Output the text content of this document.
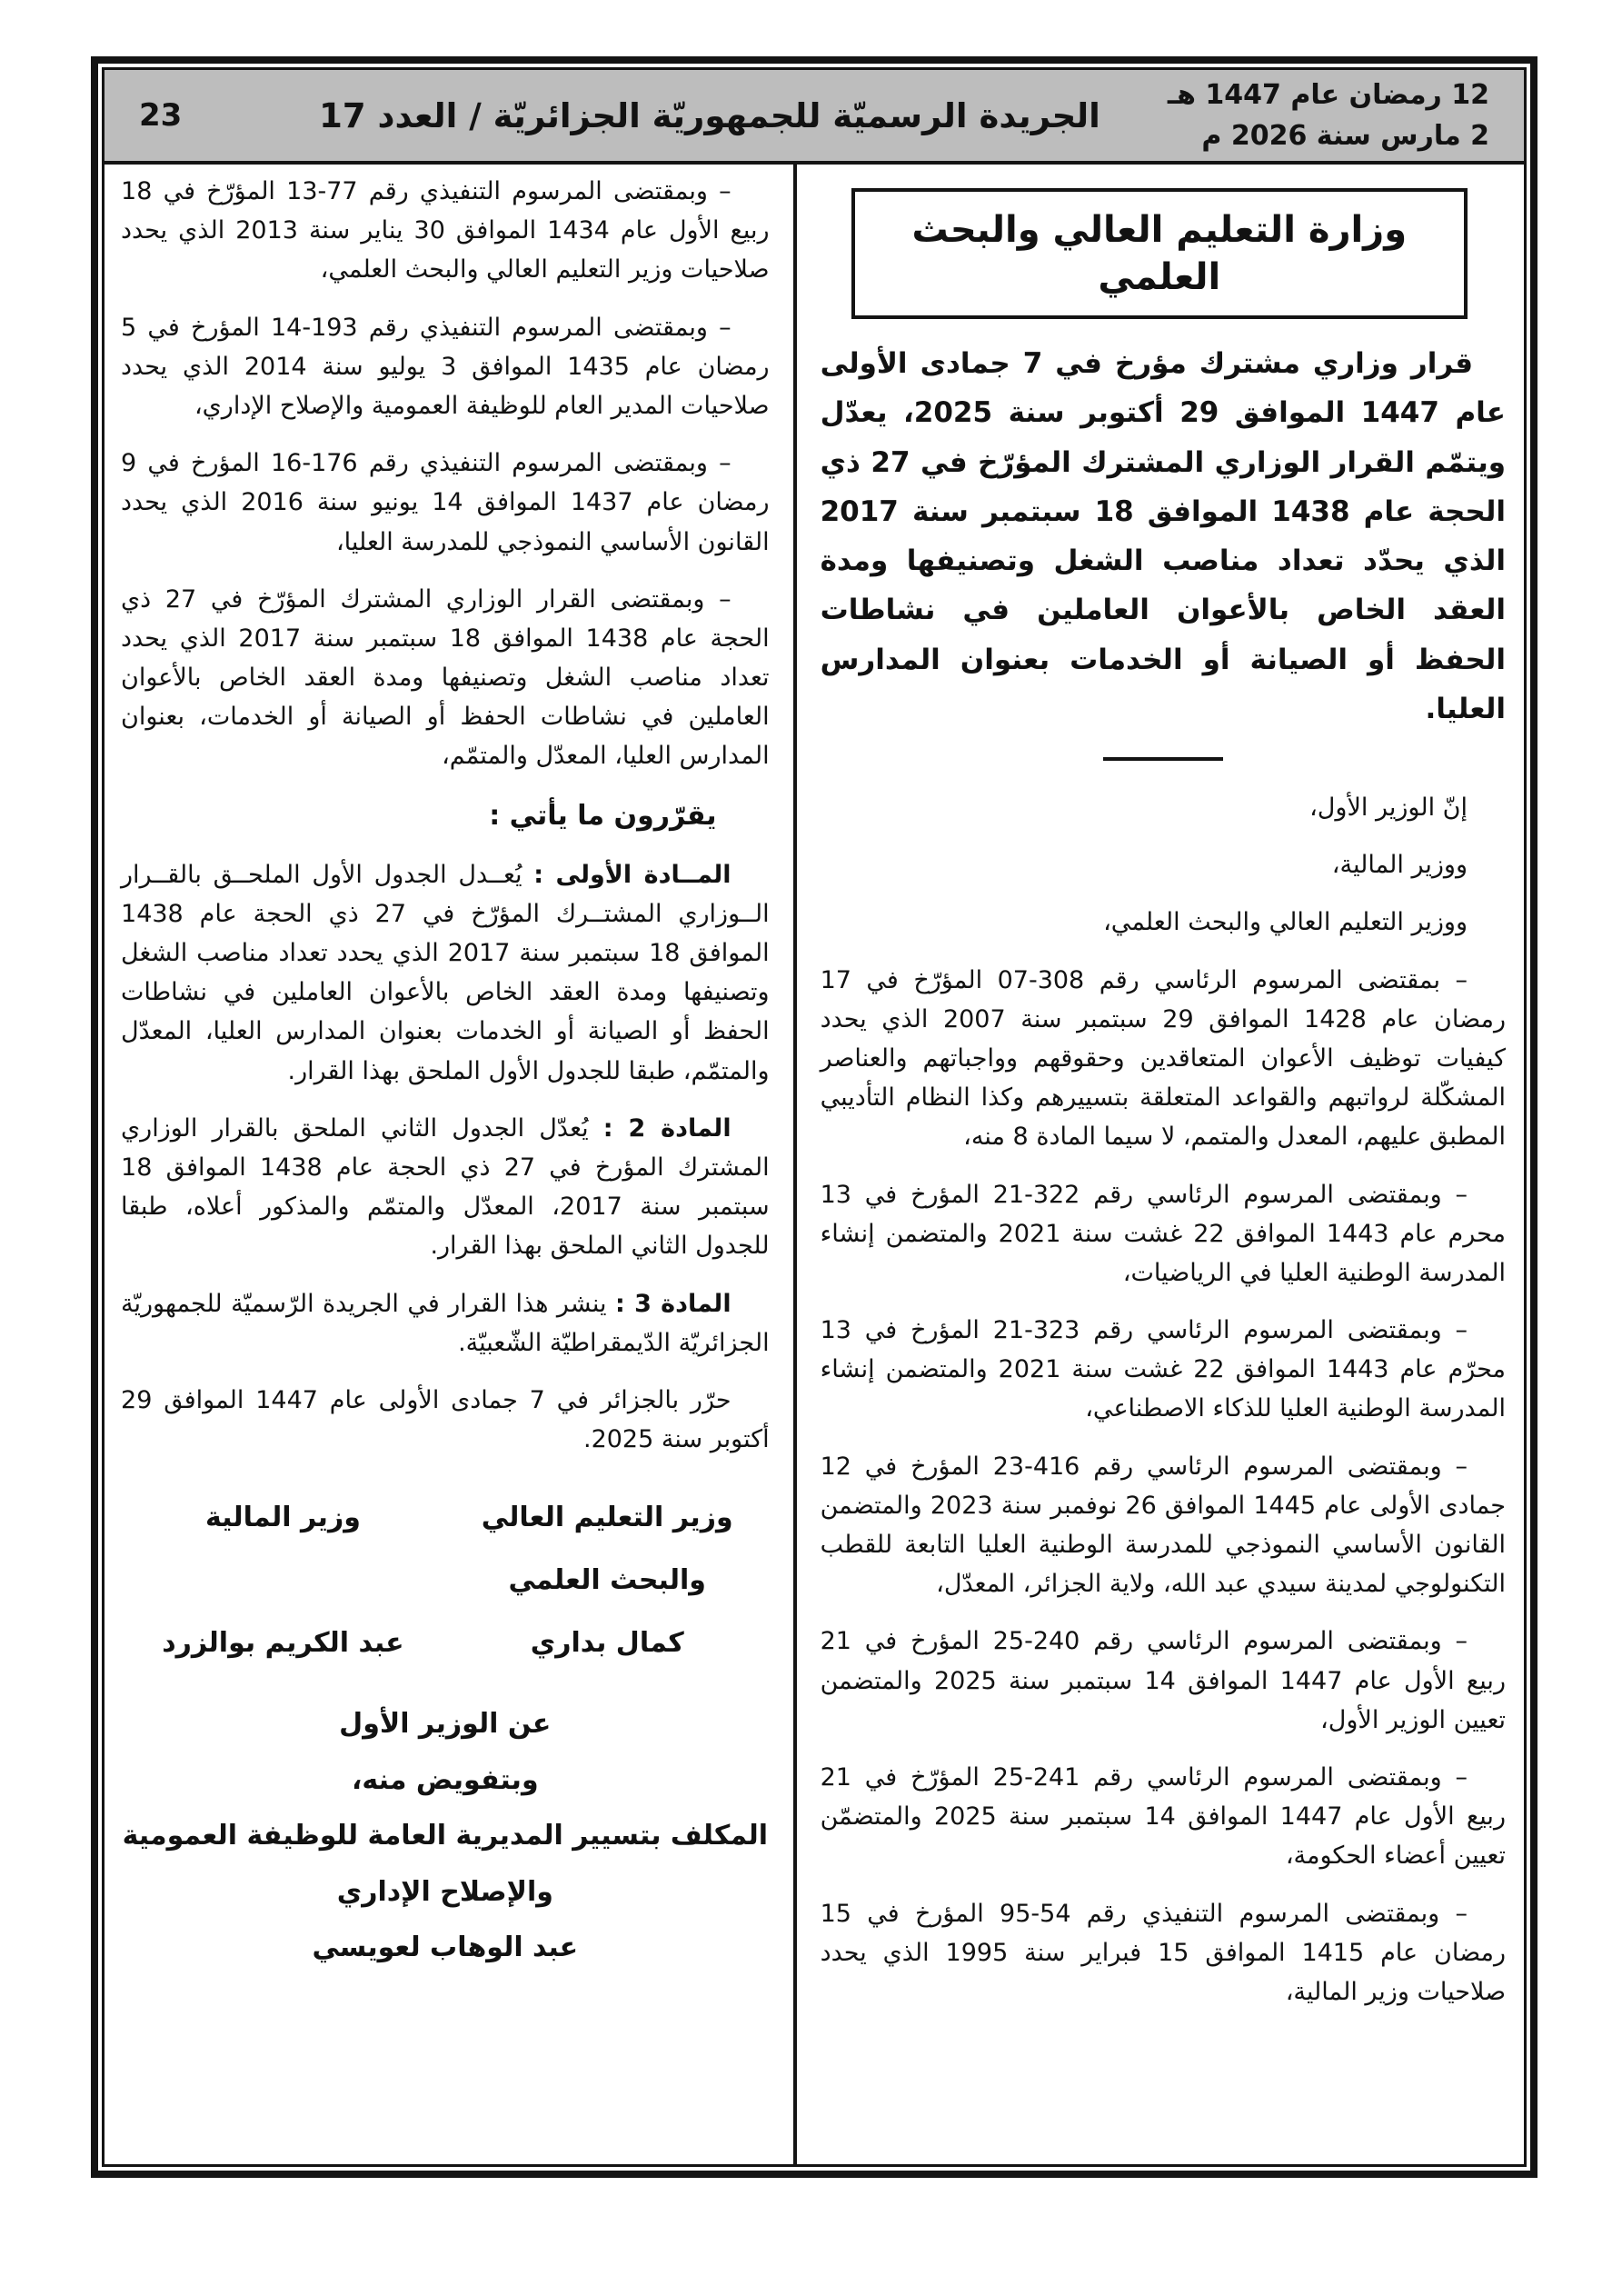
23	الجريدة الرسميّة للجمهوريّة الجزائريّة / العدد 17
12 رمضان عام 1447 هـ
2 مارس سنة 2026 م
وزارة التعليم العالي والبحث العلمي

قرار وزاري مشترك مؤرخ في 7 جمادى الأولى عام 1447 الموافق 29 أكتوبر سنة 2025، يعدّل ويتمّم القرار الوزاري المشترك المؤرّخ في 27 ذي الحجة عام 1438 الموافق 18 سبتمبر سنة 2017 الذي يحدّد تعداد مناصب الشغل وتصنيفها ومدة العقد الخاص بالأعوان العاملين في نشاطات الحفظ أو الصيانة أو الخدمات بعنوان المدارس العليا.

إنّ الوزير الأول،

ووزير المالية،

ووزير التعليم العالي والبحث العلمي،

– بمقتضى المرسوم الرئاسي رقم 308-07 المؤرّخ في 17 رمضان عام 1428 الموافق 29 سبتمبر سنة 2007 الذي يحدد كيفيات توظيف الأعوان المتعاقدين وحقوقهم وواجباتهم والعناصر المشكّلة لرواتبهم والقواعد المتعلقة بتسييرهم وكذا النظام التأديبي المطبق عليهم، المعدل والمتمم، لا سيما المادة 8 منه،

– وبمقتضى المرسوم الرئاسي رقم 322-21 المؤرخ في 13 محرم عام 1443 الموافق 22 غشت سنة 2021 والمتضمن إنشاء المدرسة الوطنية العليا في الرياضيات،

– وبمقتضى المرسوم الرئاسي رقم 323-21 المؤرخ في 13 محرّم عام 1443 الموافق 22 غشت سنة 2021 والمتضمن إنشاء المدرسة الوطنية العليا للذكاء الاصطناعي،

– وبمقتضى المرسوم الرئاسي رقم 416-23 المؤرخ في 12 جمادى الأولى عام 1445 الموافق 26 نوفمبر سنة 2023 والمتضمن القانون الأساسي النموذجي للمدرسة الوطنية العليا التابعة للقطب التكنولوجي لمدينة سيدي عبد الله، ولاية الجزائر، المعدّل،

– وبمقتضى المرسوم الرئاسي رقم 240-25 المؤرخ في 21 ربيع الأول عام 1447 الموافق 14 سبتمبر سنة 2025 والمتضمن تعيين الوزير الأول،

– وبمقتضى المرسوم الرئاسي رقم 241-25 المؤرّخ في 21 ربيع الأول عام 1447 الموافق 14 سبتمبر سنة 2025 والمتضمّن تعيين أعضاء الحكومة،

– وبمقتضى المرسوم التنفيذي رقم 54-95 المؤرخ في 15 رمضان عام 1415 الموافق 15 فبراير سنة 1995 الذي يحدد صلاحيات وزير المالية،

– وبمقتضى المرسوم التنفيذي رقم 77-13 المؤرّخ في 18 ربيع الأول عام 1434 الموافق 30 يناير سنة 2013 الذي يحدد صلاحيات وزير التعليم العالي والبحث العلمي،

– وبمقتضى المرسوم التنفيذي رقم 193-14 المؤرخ في 5 رمضان عام 1435 الموافق 3 يوليو سنة 2014 الذي يحدد صلاحيات المدير العام للوظيفة العمومية والإصلاح الإداري،

– وبمقتضى المرسوم التنفيذي رقم 176-16 المؤرخ في 9 رمضان عام 1437 الموافق 14 يونيو سنة 2016 الذي يحدد القانون الأساسي النموذجي للمدرسة العليا،

– وبمقتضى القرار الوزاري المشترك المؤرّخ في 27 ذي الحجة عام 1438 الموافق 18 سبتمبر سنة 2017 الذي يحدد تعداد مناصب الشغل وتصنيفها ومدة العقد الخاص بالأعوان العاملين في نشاطات الحفظ أو الصيانة أو الخدمات، بعنوان المدارس العليا، المعدّل والمتمّم،

يقرّرون ما يأتي :

المــادة الأولى : يُعــدل الجدول الأول الملحــق بالقــرار الــوزاري المشتــرك المؤرّخ في 27 ذي الحجة عام 1438 الموافق 18 سبتمبر سنة 2017 الذي يحدد تعداد مناصب الشغل وتصنيفها ومدة العقد الخاص بالأعوان العاملين في نشاطات الحفظ أو الصيانة أو الخدمات بعنوان المدارس العليا، المعدّل والمتمّم، طبقا للجدول الأول الملحق بهذا القرار.

المادة 2 : يُعدّل الجدول الثاني الملحق بالقرار الوزاري المشترك المؤرخ في 27 ذي الحجة عام 1438 الموافق 18 سبتمبر سنة 2017، المعدّل والمتمّم والمذكور أعلاه، طبقا للجدول الثاني الملحق بهذا القرار.

المادة 3 : ينشر هذا القرار في الجريدة الرّسميّة للجمهوريّة الجزائريّة الدّيمقراطيّة الشّعبيّة.

حرّر بالجزائر في 7 جمادى الأولى عام 1447 الموافق 29 أكتوبر سنة 2025.

وزير التعليم العالي
والبحث العلمي
كمال بداري
وزير المالية
عبد الكريم بوالزرد
عن الوزير الأول
وبتفويض منه،
المكلف بتسيير المديرية العامة للوظيفة العمومية
والإصلاح الإداري
عبد الوهاب لعويسي
